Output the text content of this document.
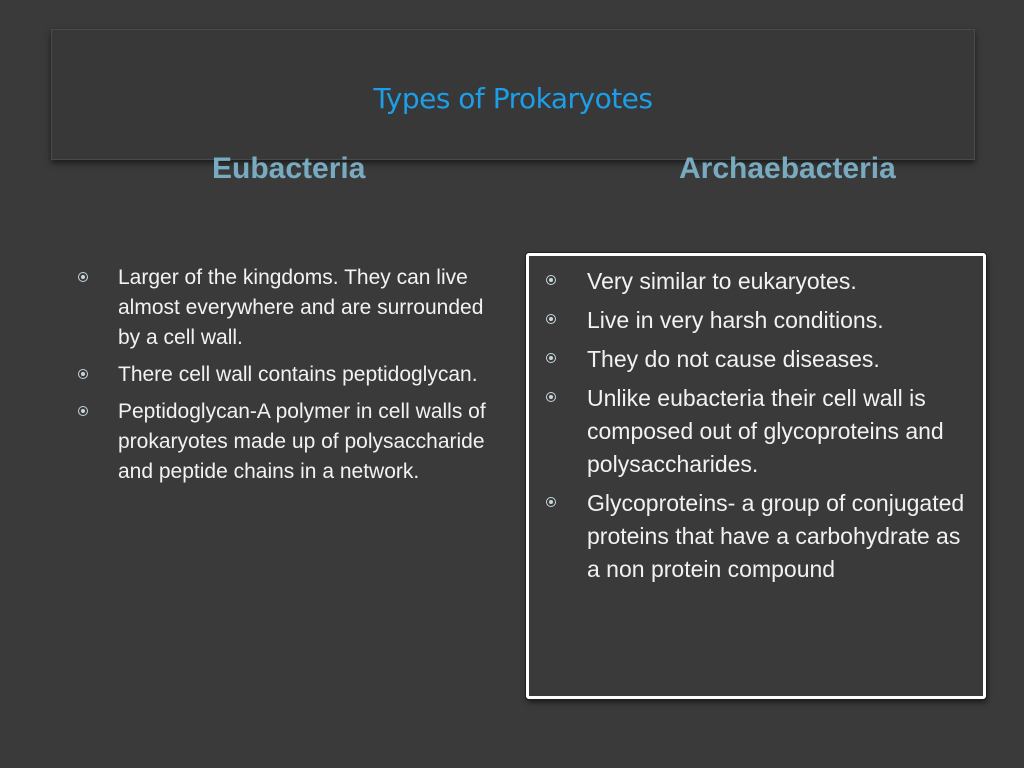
Types of Prokaryotes
Eubacteria	Archaebacteria
Larger of the kingdoms. They can live almost everywhere and are surrounded by a cell wall.
There cell wall contains peptidoglycan.
Peptidoglycan-A polymer in cell walls of prokaryotes made up of polysaccharide and peptide chains in a network.
Very similar to eukaryotes.
Live in very harsh conditions.
They do not cause diseases.
Unlike eubacteria their cell wall is composed out of glycoproteins and polysaccharides.
Glycoproteins- a group of conjugated proteins that have a carbohydrate as a non protein compound
